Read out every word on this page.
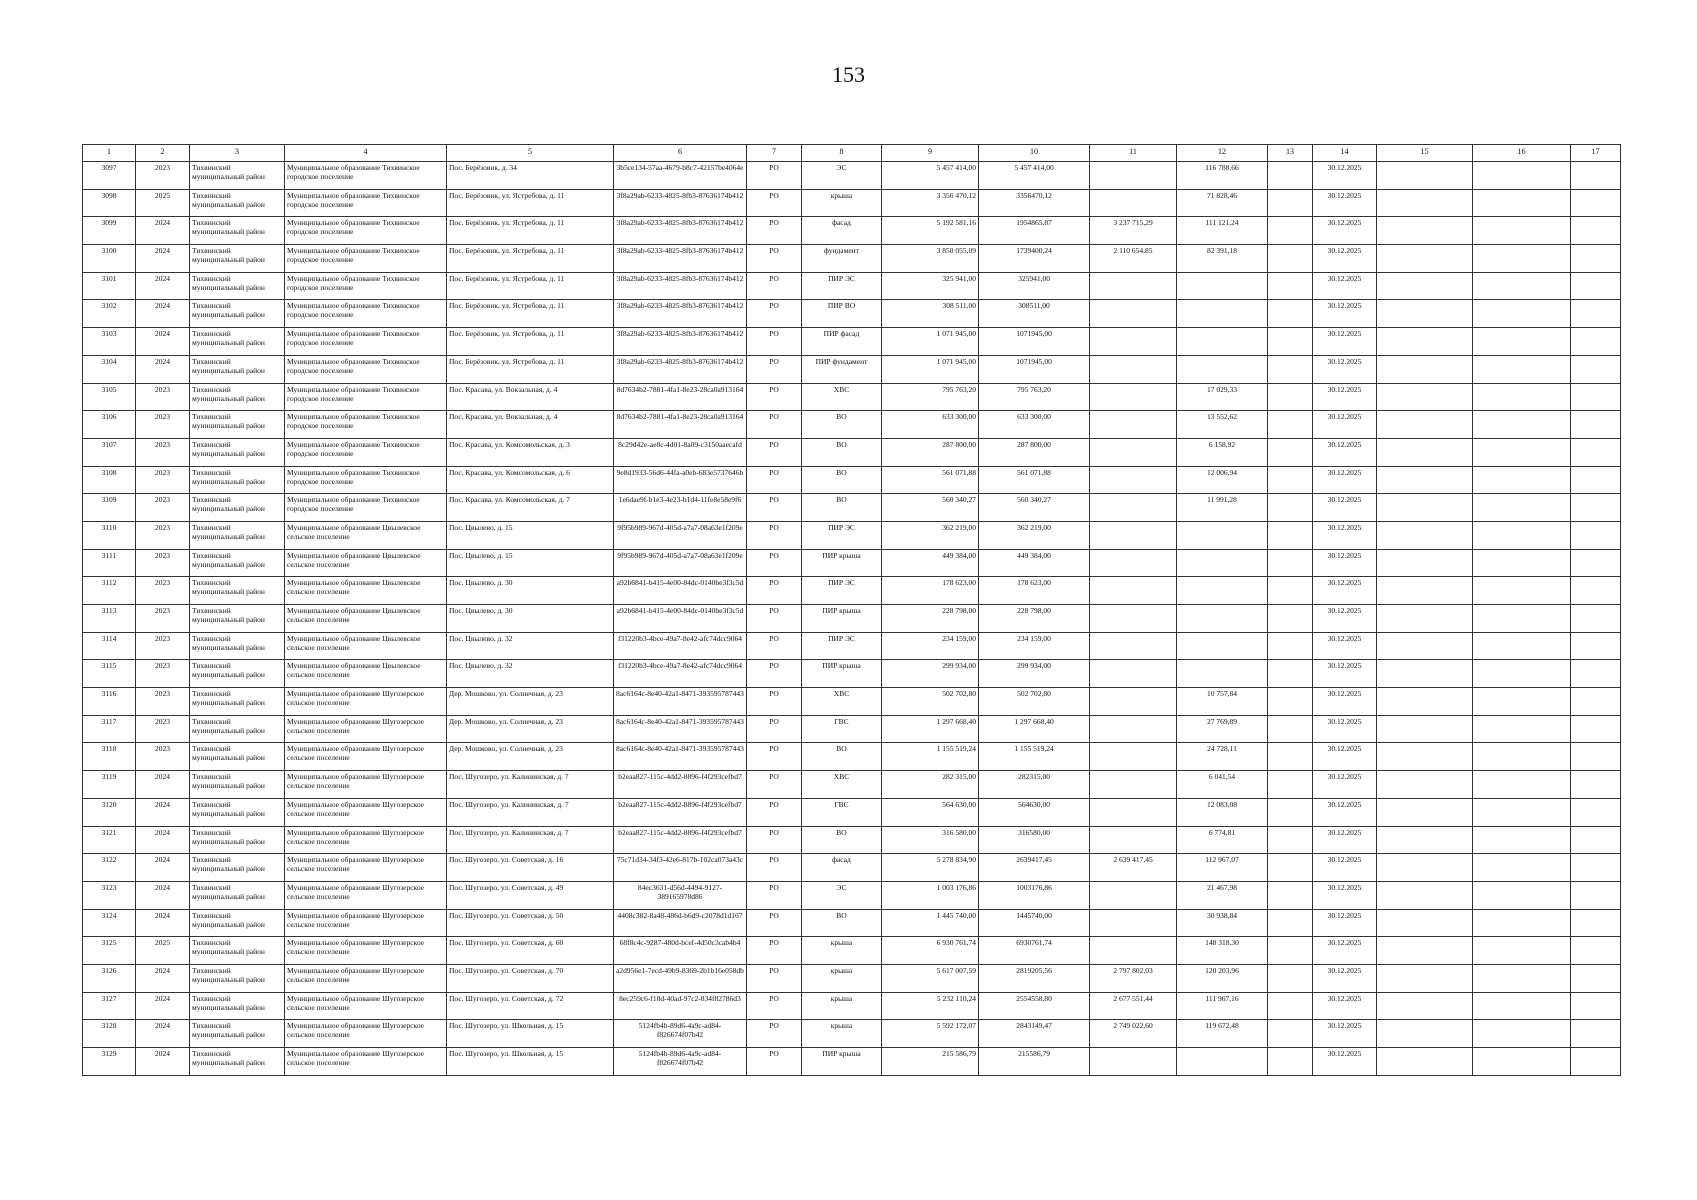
153
1	2	3	4	5	6	7	8	9	10	11	12	13	14	15	16	17
3097	2023	Тихвинский муниципальный район	Муниципальное образование Тихвинское городское поселение	Пос. Берёзовик, д. 34	3b5ce134-57aa-4679-b8c7-42157be4064e	РО	ЭС	5 457 414,00	5 457 414,00		116 788,66		30.12.2025			
3098	2025	Тихвинский муниципальный район	Муниципальное образование Тихвинское городское поселение	Пос. Берёзовик, ул. Ястребова, д. 11	3f8a29ab-6233-4825-8fb3-87636174b412	РО	крыша	3 356 470,12	3356470,12		71 828,46		30.12.2025			
3099	2024	Тихвинский муниципальный район	Муниципальное образование Тихвинское городское поселение	Пос. Берёзовик, ул. Ястребова, д. 11	3f8a29ab-6233-4825-8fb3-87636174b412	РО	фасад	5 192 581,16	1954865,87	3 237 715,29	111 121,24		30.12.2025			
3100	2024	Тихвинский муниципальный район	Муниципальное образование Тихвинское городское поселение	Пос. Берёзовик, ул. Ястребова, д. 11	3f8a29ab-6233-4825-8fb3-87636174b412	РО	фундамент	3 850 055,09	1739400,24	2 110 654,85	82 391,18		30.12.2025			
3101	2024	Тихвинский муниципальный район	Муниципальное образование Тихвинское городское поселение	Пос. Берёзовик, ул. Ястребова, д. 11	3f8a29ab-6233-4825-8fb3-87636174b412	РО	ПИР ЭС	325 941,00	325941,00				30.12.2025			
3102	2024	Тихвинский муниципальный район	Муниципальное образование Тихвинское городское поселение	Пос. Берёзовик, ул. Ястребова, д. 11	3f8a29ab-6233-4825-8fb3-87636174b412	РО	ПИР ВО	308 511,00	308511,00				30.12.2025			
3103	2024	Тихвинский муниципальный район	Муниципальное образование Тихвинское городское поселение	Пос. Берёзовик, ул. Ястребова, д. 11	3f8a29ab-6233-4825-8fb3-87636174b412	РО	ПИР фасад	1 071 945,00	1071945,00				30.12.2025			
3104	2024	Тихвинский муниципальный район	Муниципальное образование Тихвинское городское поселение	Пос. Берёзовик, ул. Ястребова, д. 11	3f8a29ab-6233-4825-8fb3-87636174b412	РО	ПИР фундамент	1 071 945,00	1071945,00				30.12.2025			
3105	2023	Тихвинский муниципальный район	Муниципальное образование Тихвинское городское поселение	Пос. Красава, ул. Вокзальная, д. 4	8d7634b2-7881-4fa1-8e23-28ca0a913164	РО	ХВС	795 763,20	795 763,20		17 029,33		30.12.2025			
3106	2023	Тихвинский муниципальный район	Муниципальное образование Тихвинское городское поселение	Пос. Красава, ул. Вокзальная, д. 4	8d7634b2-7881-4fa1-8e23-28ca0a913164	РО	ВО	633 300,00	633 300,00		13 552,62		30.12.2025			
3107	2023	Тихвинский муниципальный район	Муниципальное образование Тихвинское городское поселение	Пос. Красава, ул. Комсомольская, д. 3	8c29d42e-ae8c-4d01-8a09-c3150aaecafd	РО	ВО	287 800,00	287 800,00		6 158,92		30.12.2025			
3108	2023	Тихвинский муниципальный район	Муниципальное образование Тихвинское городское поселение	Пос. Красава, ул. Комсомольская, д. 6	9e8d1933-56d6-44fa-a0eb-683e5737646b	РО	ВО	561 071,88	561 071,88		12 006,94		30.12.2025			
3109	2023	Тихвинский муниципальный район	Муниципальное образование Тихвинское городское поселение	Пос. Красава, ул. Комсомольская, д. 7	1e6dae9f-b1e3-4e23-b1d4-11fe8e58e9f6	РО	ВО	560 340,27	560 340,27		11 991,28		30.12.2025			
3110	2023	Тихвинский муниципальный район	Муниципальное образование Цвылевское сельское поселение	Пос. Цвылево, д. 15	9f95b989-967d-405d-a7a7-08a63e1f209e	РО	ПИР ЭС	362 219,00	362 219,00				30.12.2025			
3111	2023	Тихвинский муниципальный район	Муниципальное образование Цвылевское сельское поселение	Пос. Цвылево, д. 15	9f95b989-967d-405d-a7a7-08a63e1f209e	РО	ПИР крыша	449 384,00	449 384,00				30.12.2025			
3112	2023	Тихвинский муниципальный район	Муниципальное образование Цвылевское сельское поселение	Пос. Цвылево, д. 30	a92b6841-b415-4e00-84dc-0140be3f3c5d	РО	ПИР ЭС	178 623,00	178 623,00				30.12.2025			
3113	2023	Тихвинский муниципальный район	Муниципальное образование Цвылевское сельское поселение	Пос. Цвылево, д. 30	a92b6841-b415-4e00-84dc-0140be3f3c5d	РО	ПИР крыша	228 798,00	228 798,00				30.12.2025			
3114	2023	Тихвинский муниципальный район	Муниципальное образование Цвылевское сельское поселение	Пос. Цвылево, д. 32	f31220b3-4bce-49a7-8e42-afc74dcc9064	РО	ПИР ЭС	234 159,00	234 159,00				30.12.2025			
3115	2023	Тихвинский муниципальный район	Муниципальное образование Цвылевское сельское поселение	Пос. Цвылево, д. 32	f31220b3-4bce-49a7-8e42-afc74dcc9064	РО	ПИР крыша	299 934,00	299 934,00				30.12.2025			
3116	2023	Тихвинский муниципальный район	Муниципальное образование Шугозерское сельское поселение	Дер. Мошково, ул. Солнечная, д. 23	8ac6164c-8e40-42a1-8471-393595787443	РО	ХВС	502 702,80	502 702,80		10 757,84		30.12.2025			
3117	2023	Тихвинский муниципальный район	Муниципальное образование Шугозерское сельское поселение	Дер. Мошково, ул. Солнечная, д. 23	8ac6164c-8e40-42a1-8471-393595787443	РО	ГВС	1 297 668,40	1 297 668,40		27 769,89		30.12.2025			
3118	2023	Тихвинский муниципальный район	Муниципальное образование Шугозерское сельское поселение	Дер. Мошково, ул. Солнечная, д. 23	8ac6164c-8e40-42a1-8471-393595787443	РО	ВО	1 155 519,24	1 155 519,24		24 728,11		30.12.2025			
3119	2024	Тихвинский муниципальный район	Муниципальное образование Шугозерское сельское поселение	Пос. Шугозеро, ул. Калининская, д. 7	b2eaa827-115c-4dd2-8896-f4f293cefbd7	РО	ХВС	282 315,00	282315,00		6 041,54		30.12.2025			
3120	2024	Тихвинский муниципальный район	Муниципальное образование Шугозерское сельское поселение	Пос. Шугозеро, ул. Калининская, д. 7	b2eaa827-115c-4dd2-8896-f4f293cefbd7	РО	ГВС	564 630,00	564630,00		12 083,08		30.12.2025			
3121	2024	Тихвинский муниципальный район	Муниципальное образование Шугозерское сельское поселение	Пос. Шугозеро, ул. Калининская, д. 7	b2eaa827-115c-4dd2-8896-f4f293cefbd7	РО	ВО	316 580,00	316580,00		6 774,81		30.12.2025			
3122	2024	Тихвинский муниципальный район	Муниципальное образование Шугозерское сельское поселение	Пос. Шугозеро, ул. Советская, д. 16	75c71d34-34f3-42e6-817b-102ca073a43c	РО	фасад	5 278 834,90	2639417,45	2 639 417,45	112 967,07		30.12.2025			
3123	2024	Тихвинский муниципальный район	Муниципальное образование Шугозерское сельское поселение	Пос. Шугозеро, ул. Советская, д. 49	84ec3631-d56d-4494-9127-389165978d86	РО	ЭС	1 003 176,86	1003176,86		21 467,98		30.12.2025			
3124	2024	Тихвинский муниципальный район	Муниципальное образование Шугозерское сельское поселение	Пос. Шугозеро, ул. Советская, д. 50	4408c382-8a48-486d-b6d9-c2078d1d167	РО	ВО	1 445 740,00	1445740,00		30 938,84		30.12.2025			
3125	2025	Тихвинский муниципальный район	Муниципальное образование Шугозерское сельское поселение	Пос. Шугозеро, ул. Советская, д. 60	68f8c4c-9287-480d-bcef-4d50c3cab4b4	РО	крыша	6 930 761,74	6930761,74		148 318,30		30.12.2025			
3126	2024	Тихвинский муниципальный район	Муниципальное образование Шугозерское сельское поселение	Пос. Шугозеро, ул. Советская, д. 70	a2d956e1-7ecd-49b9-8369-2b1b16e058db	РО	крыша	5 617 007,59	2819205,56	2 797 802,03	120 203,96		30.12.2025			
3127	2024	Тихвинский муниципальный район	Муниципальное образование Шугозерское сельское поселение	Пос. Шугозеро, ул. Советская, д. 72	8ec259c6-f18d-40ad-97c2-834f82786d3	РО	крыша	5 232 110,24	2554558,80	2 677 551,44	111 967,16		30.12.2025			
3128	2024	Тихвинский муниципальный район	Муниципальное образование Шугозерское сельское поселение	Пос. Шугозеро, ул. Школьная, д. 15	5124fb4b-89d6-4a9c-ad84-f826674f07b42	РО	крыша	5 592 172,07	2843149,47	2 749 022,60	119 672,48		30.12.2025			
3129	2024	Тихвинский муниципальный район	Муниципальное образование Шугозерское сельское поселение	Пос. Шугозеро, ул. Школьная, д. 15	5124fb4b-89d6-4a9c-ad84-f826674f07b42	РО	ПИР крыша	215 586,79	215586,79				30.12.2025			
